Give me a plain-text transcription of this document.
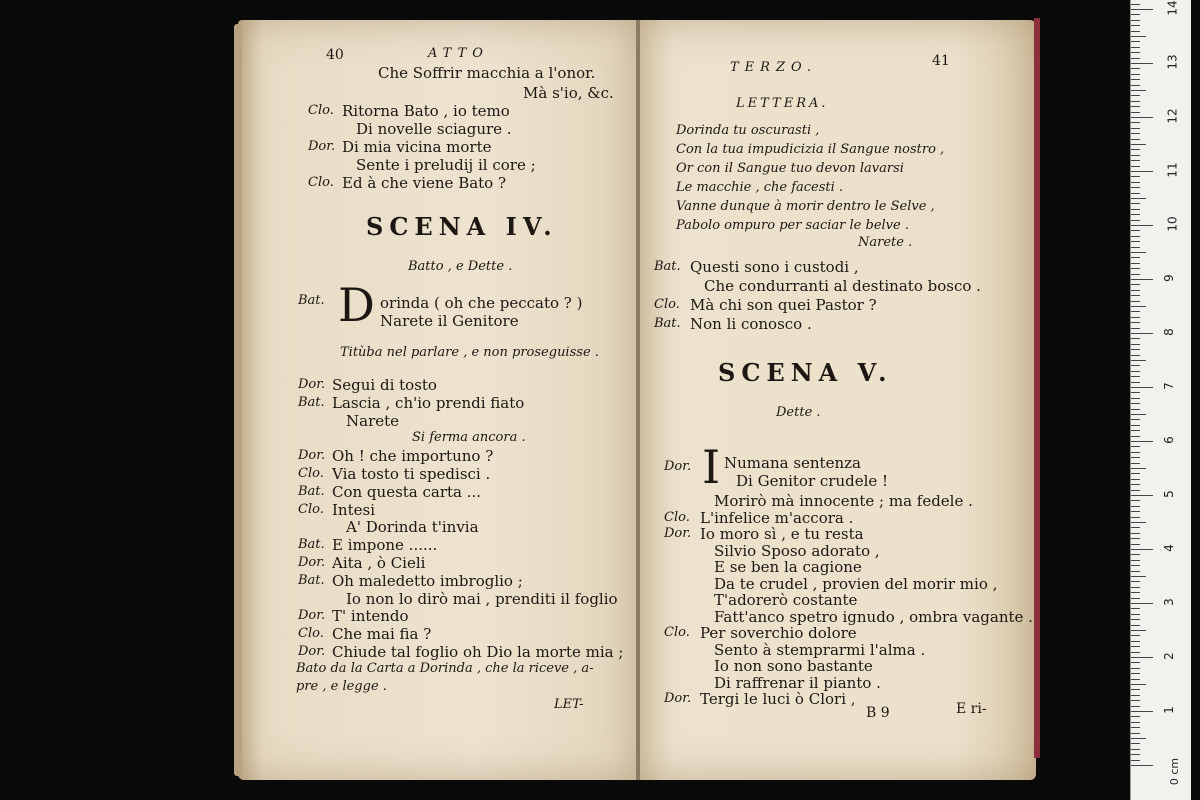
40	ATTO
Che Soffrir macchia a l'onor.
Mà s'io, &c.
Clo. Ritorna Bato , io temo
Di novelle sciagure .
Dor. Di mia vicina morte
Sente i preludij il core ;
Clo. Ed à che viene Bato ?
SCENA IV.
Batto , e Dette .
Bat. D orinda ( oh che peccato ? )
Narete il Genitore
Titùba nel parlare , e non proseguisse .
Dor. Segui di tosto
Bat. Lascia , ch'io prendi fiato
Narete
Si ferma ancora .
Dor. Oh ! che importuno ?
Clo. Via tosto ti spedisci .
Bat. Con questa carta ...
Clo. Intesi
A' Dorinda t'invia
Bat. E impone ......
Dor. Aita , ò Cieli
Bat. Oh maledetto imbroglio ;
Io non lo dirò mai , prenditi il foglio
Dor. T' intendo
Clo. Che mai fia ?
Dor. Chiude tal foglio oh Dio la morte mia ;
Bato da la Carta a Dorinda , che la riceve , a-
pre , e legge .
LET-
TERZO.	41
LETTERA.
Dorinda tu oscurasti ,
Con la tua impudicizia il Sangue nostro ,
Or con il Sangue tuo devon lavarsi
Le macchie , che facesti .
Vanne dunque à morir dentro le Selve ,
Pabolo ompuro per saciar le belve .
Narete .
Bat. Questi sono i custodi ,
Che condurranti al destinato bosco .
Clo. Mà chi son quei Pastor ?
Bat. Non li conosco .
SCENA V.
Dette .
Dor. I Numana sentenza
Di Genitor crudele !
Morirò mà innocente ; ma fedele .
Clo. L'infelice m'accora .
Dor. Io moro sì , e tu resta
Silvio Sposo adorato ,
E se ben la cagione
Da te crudel , provien del morir mio ,
T'adorerò costante
Fatt'anco spetro ignudo , ombra vagante .
Clo. Per soverchio dolore
Sento à stemprarmi l'alma .
Io non sono bastante
Di raffrenar il pianto .
Dor. Tergi le luci ò Clori ,
B 9	E ri-	1
2
3
4
5
6
7
8
9
10
11
12
13
14
0 cm
